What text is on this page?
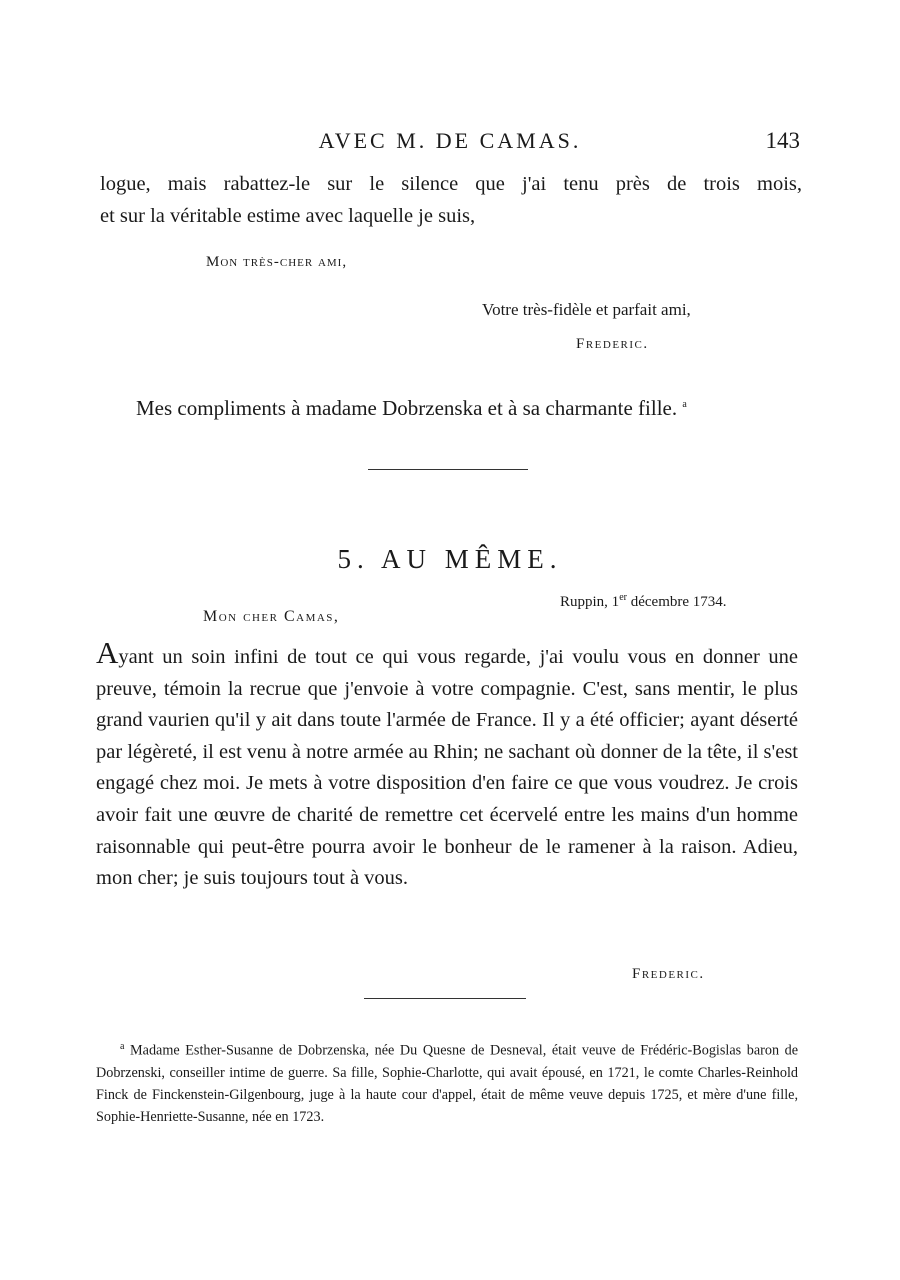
AVEC M. DE CAMAS.	143
logue, mais rabattez-le sur le silence que j'ai tenu près de trois mois,
et sur la véritable estime avec laquelle je suis,
Mon très-cher ami,
Votre très-fidèle et parfait ami,
Frederic.
Mes compliments à madame Dobrzenska et à sa charmante fille. $^a$
5. AU MÊME.
Ruppin, 1er décembre 1734.
Mon cher Camas,
Ayant un soin infini de tout ce qui vous regarde, j'ai voulu vous en donner une preuve, témoin la recrue que j'envoie à votre compagnie. C'est, sans mentir, le plus grand vaurien qu'il y ait dans toute l'armée de France. Il y a été officier; ayant déserté par légèreté, il est venu à notre armée au Rhin; ne sachant où donner de la tête, il s'est engagé chez moi. Je mets à votre disposition d'en faire ce que vous voudrez. Je crois avoir fait une œuvre de charité de remettre cet écervelé entre les mains d'un homme raisonnable qui peut-être pourra avoir le bonheur de le ramener à la raison. Adieu, mon cher; je suis toujours tout à vous.
Frederic.
$^a$ Madame Esther-Susanne de Dobrzenska, née Du Quesne de Desneval, était veuve de Frédéric-Bogislas baron de Dobrzenski, conseiller intime de guerre. Sa fille, Sophie-Charlotte, qui avait épousé, en 1721, le comte Charles-Reinhold Finck de Finckenstein-Gilgenbourg, juge à la haute cour d'appel, était de même veuve depuis 1725, et mère d'une fille, Sophie-Henriette-Susanne, née en 1723.
